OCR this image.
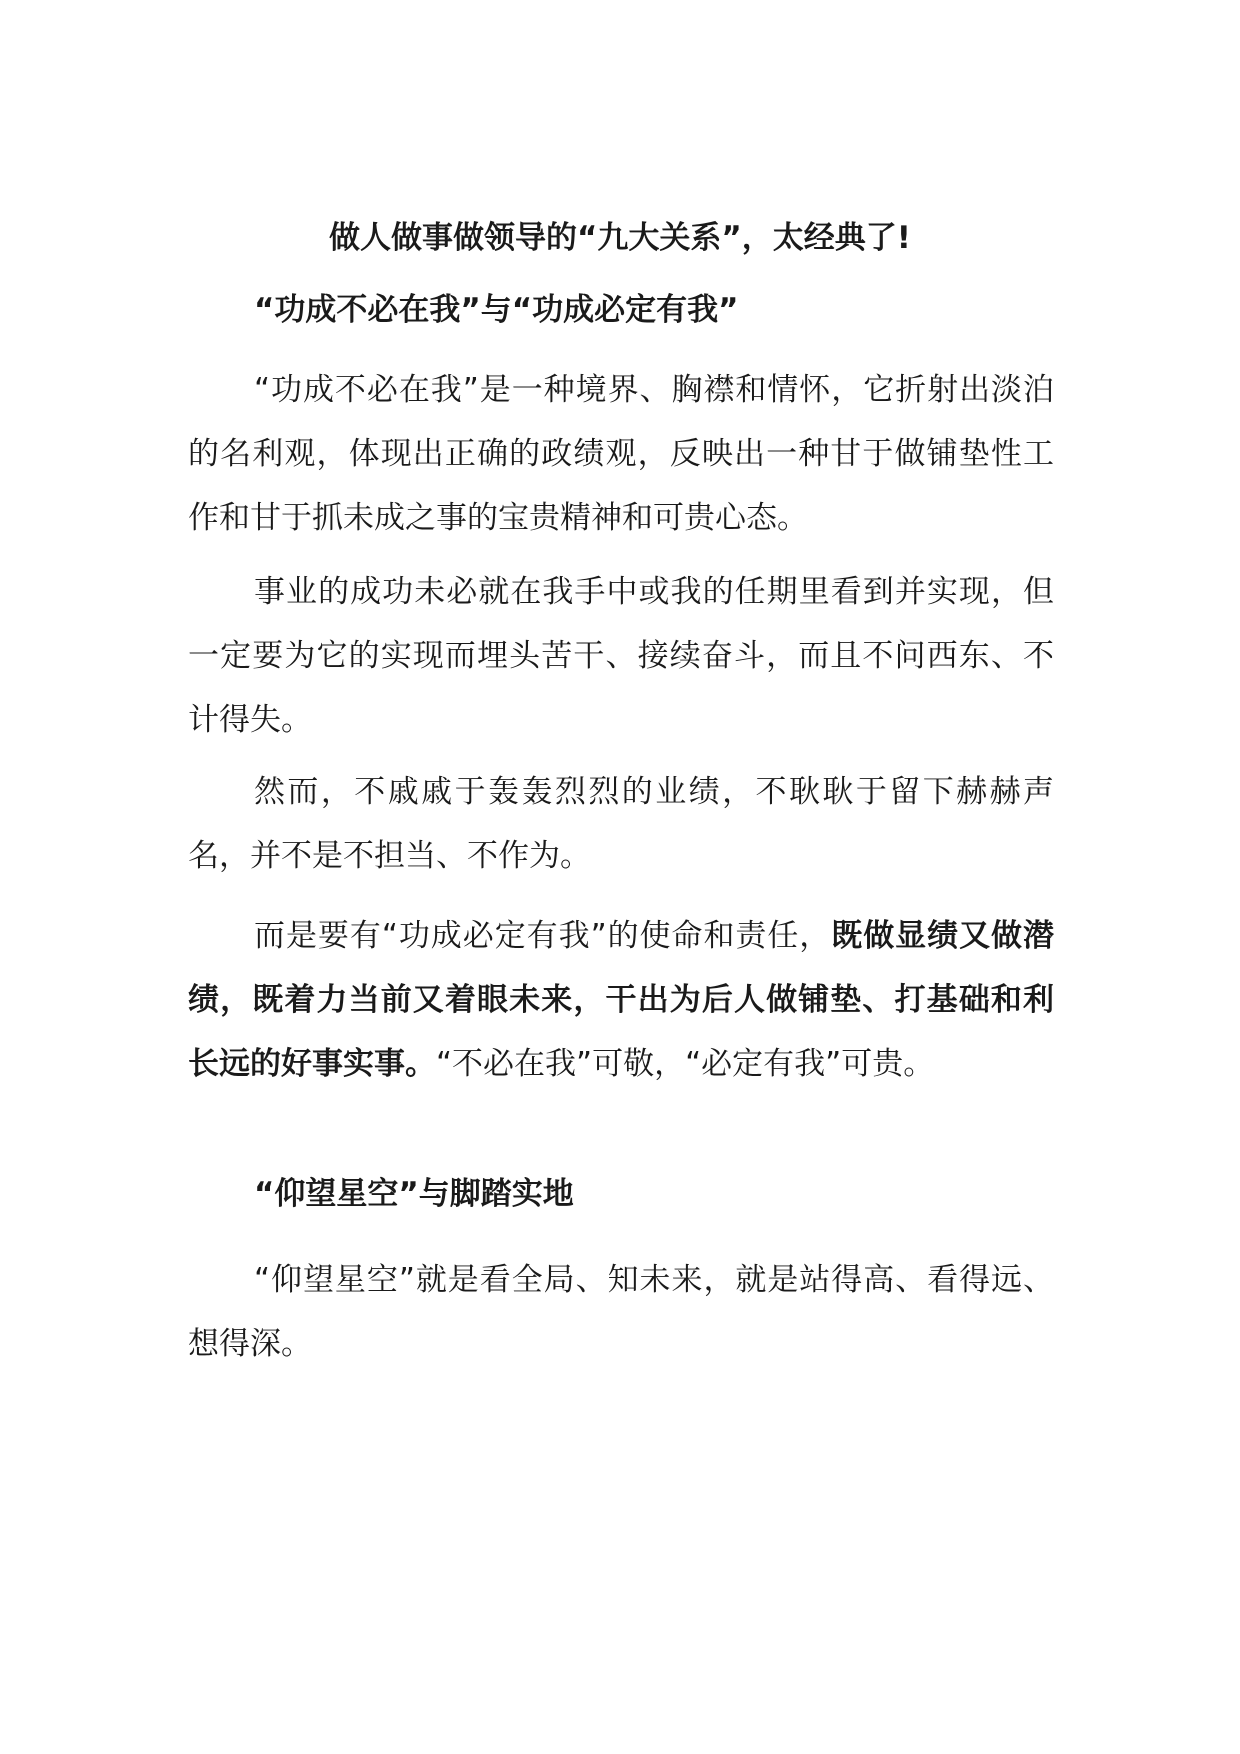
做人做事做领导的“九大关系”，太经典了!

“功成不必在我”与“功成必定有我”

“功成不必在我”是一种境界、胸襟和情怀，它折射出淡泊的名利观，体现出正确的政绩观，反映出一种甘于做铺垫性工作和甘于抓未成之事的宝贵精神和可贵心态。

事业的成功未必就在我手中或我的任期里看到并实现，但一定要为它的实现而埋头苦干、接续奋斗，而且不问西东、不计得失。

然而，不戚戚于轰轰烈烈的业绩，不耿耿于留下赫赫声名，并不是不担当、不作为。

而是要有“功成必定有我”的使命和责任，既做显绩又做潜绩，既着力当前又着眼未来，干出为后人做铺垫、打基础和利长远的好事实事。“不必在我”可敬，“必定有我”可贵。

“仰望星空”与脚踏实地

“仰望星空”就是看全局、知未来，就是站得高、看得远、想得深。
